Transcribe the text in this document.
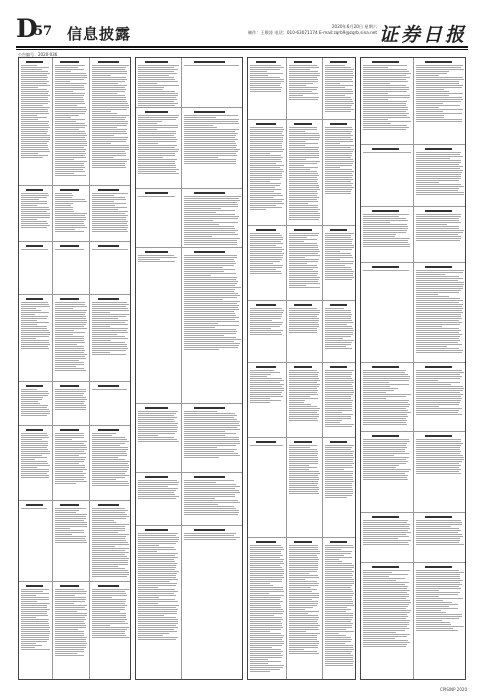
D
57 信息披露	2020年6月20日 星期六
制作：王敬涛 电话：010-63071174 E-mail:zqrb9@zqrb.sina.net 证券日报
公告编号：2020-036
CPISINP 2020
